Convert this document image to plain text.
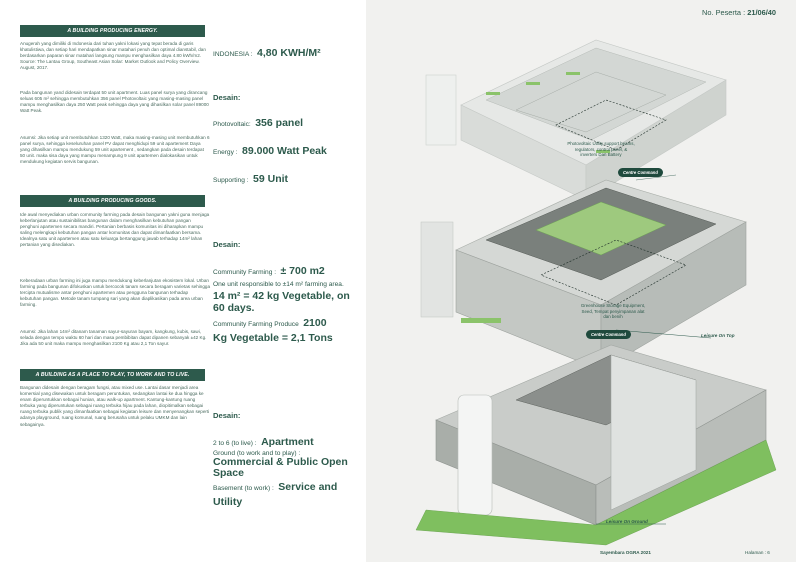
A BUILDING PRODUCING ENERGY.

Anugerah yang dimiliki di Indonesia dari tuhan yakni lokasi yang tepat berada di garis khatulistiwa, dan setiap hari mendapatkan sinar matahari penuh dan optimal dianstabil, dan berdasarkan paparan sinar matahari langsung mampu menghasilkan daya 4.80 kWh/m2. Source: The Lantau Group, Southeast Asian Solar: Market Outlook and Policy Overview. August, 2017.

Pada bangunan yand didesain terdapat 50 unit apartment. Luas panel surya yang dirancang seluas 605 m² sehingga membutuhkan 356 panel Photovoltaic yang masing-masing panel mampu menghasilkan daya 250 Watt peak sehingga daya yang dihasilkan solar panel 89000 Watt Peak.

Asumsi: Jika setiap unit membutuhkan 1320 Watt, maka masing-masing unit membutuhkan 6 panel surya, sehingga keseluruhan panel PV dapat menghidupi 59 unit apartement Daya yang dihasilkan mampu mendukung 59 unit apartement , sedangkan pada desain terdapat 50 unit. maka sisa daya yang mampu menampung 9 unit apartemen dialokasikan untuk mendukung kegiatan servis bangunan.

INDONESIA : 4,80 KWH/M²

Desain:

Photovoltaic: 356 panel

Energy : 89.000 Watt Peak

Supporting : 59 Unit

A BUILDING PRODUCING GOODS.

Ide awal menyediakan urban community farming pada desain bangunan yakni guna menjaga keberlanjutan atau sustainibilitas bangunan dalam menghasilkan kebutuhan pangan penghuni apartemen secara mandiri. Pertanian berbasis komunitas ini diharapkan mampu saling melengkapi kebutuhan pangan antar komunitas dan dapat dimanfaatkan bersama. Idealnya satu unit apartemen atau satu keluarga bertanggung jawab terhadap 14m² lahan pertanian yang disediakan.

Keberadaan urban farming ini juga mampu mendukung keberlanjutan ekosistem lokal. Urban farming pada bangunan difokuskan untuk bercocok tanam secara beragam varietas sehingga tercipta mutualisme antar penghuni apartemen atau pengguna bangunan terhadap kebutuhan pangan. Metode tanam tumpang sari yang akan diaplikasikan pada area urban farming.

Asumsi: Jika lahan 14m² ditanam tanaman sayur-sayuran bayam, kangkung, kubis, sawi, selada dengan tempo waktu 60 hari dan masa pembibitan dapat dipanen sebanyak ±42 Kg. Jika ada 50 unit maka mampu menghasilkan 2100 Kg atau 2,1 Ton sayur.

Desain:

Community Farming : ± 700 m2

One unit responsible to ±14 m² farming area.

14 m² = 42 kg Vegetable, on 60 days.

Community Farming Produce 2100
Kg Vegetable = 2,1 Tons

A BUILDING AS A PLACE TO PLAY, TO WORK AND TO LIVE.

Bangunan didesain dengan beragam fungsi, atau mixed use. Lantai dasar menjadi area komersial yang disewakan untuk beragam peruntukan, sedangkan lantai ke dua hingga ke enam diperuntukkan sebagai hunian, atau walk-up apartment. Kantung-kantung ruang terbuka yang diperuntukan sebagai ruang terbuka hijau pada lahan, diopitimalkan sebagai ruang terbuka publik yang dimanfaatkan sebagai kegiatan leisure dan menyenangkan seperti adanya playground, ruang komunal, ruang berusaha untuk pelaku UMKM dan lain sebagainya.

Desain:

2 to 6 (to live) : Apartment

Ground (to work and to play) :

Commercial & Public Open Space

Basement (to work) : Service and Utility

Photovoltaic Utility support beams, regulators, control panel, & inverters Dan Battery
Centre Command
Greenhouse Storage Equipment, Seed, Tempat penyimpanan alat dan benih
Centre Command	Leisure On Top
Leisure On Ground
No. Peserta : 21/06/40
Sayembara OGRA 2021	Halaman : 6
